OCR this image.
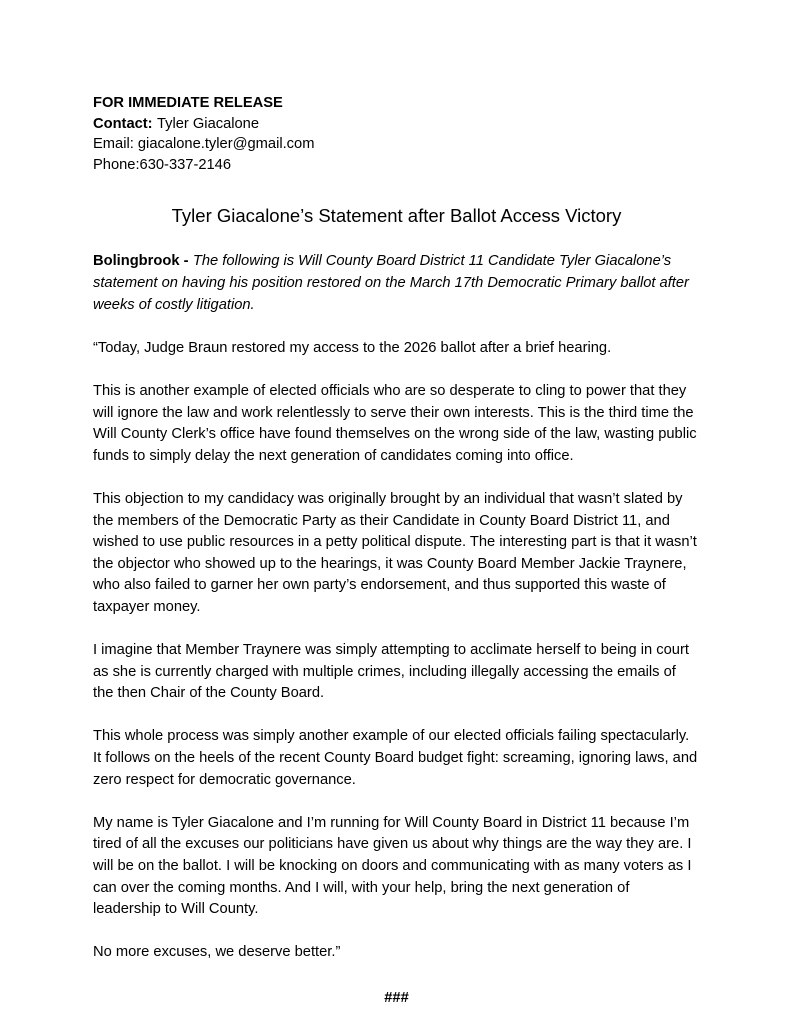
FOR IMMEDIATE RELEASE
Contact: Tyler Giacalone
Email: giacalone.tyler@gmail.com
Phone:630-337-2146
Tyler Giacalone’s Statement after Ballot Access Victory

Bolingbrook - The following is Will County Board District 11 Candidate Tyler Giacalone’s statement on having his position restored on the March 17th Democratic Primary ballot after weeks of costly litigation.

“Today, Judge Braun restored my access to the 2026 ballot after a brief hearing.

This is another example of elected officials who are so desperate to cling to power that they will ignore the law and work relentlessly to serve their own interests. This is the third time the Will County Clerk’s office have found themselves on the wrong side of the law, wasting public funds to simply delay the next generation of candidates coming into office.

This objection to my candidacy was originally brought by an individual that wasn’t slated by the members of the Democratic Party as their Candidate in County Board District 11, and wished to use public resources in a petty political dispute. The interesting part is that it wasn’t the objector who showed up to the hearings, it was County Board Member Jackie Traynere, who also failed to garner her own party’s endorsement, and thus supported this waste of taxpayer money.

I imagine that Member Traynere was simply attempting to acclimate herself to being in court as she is currently charged with multiple crimes, including illegally accessing the emails of the then Chair of the County Board.

This whole process was simply another example of our elected officials failing spectacularly. It follows on the heels of the recent County Board budget fight: screaming, ignoring laws, and zero respect for democratic governance.

My name is Tyler Giacalone and I’m running for Will County Board in District 11 because I’m tired of all the excuses our politicians have given us about why things are the way they are. I will be on the ballot. I will be knocking on doors and communicating with as many voters as I can over the coming months. And I will, with your help, bring the next generation of leadership to Will County.

No more excuses, we deserve better.”

###
